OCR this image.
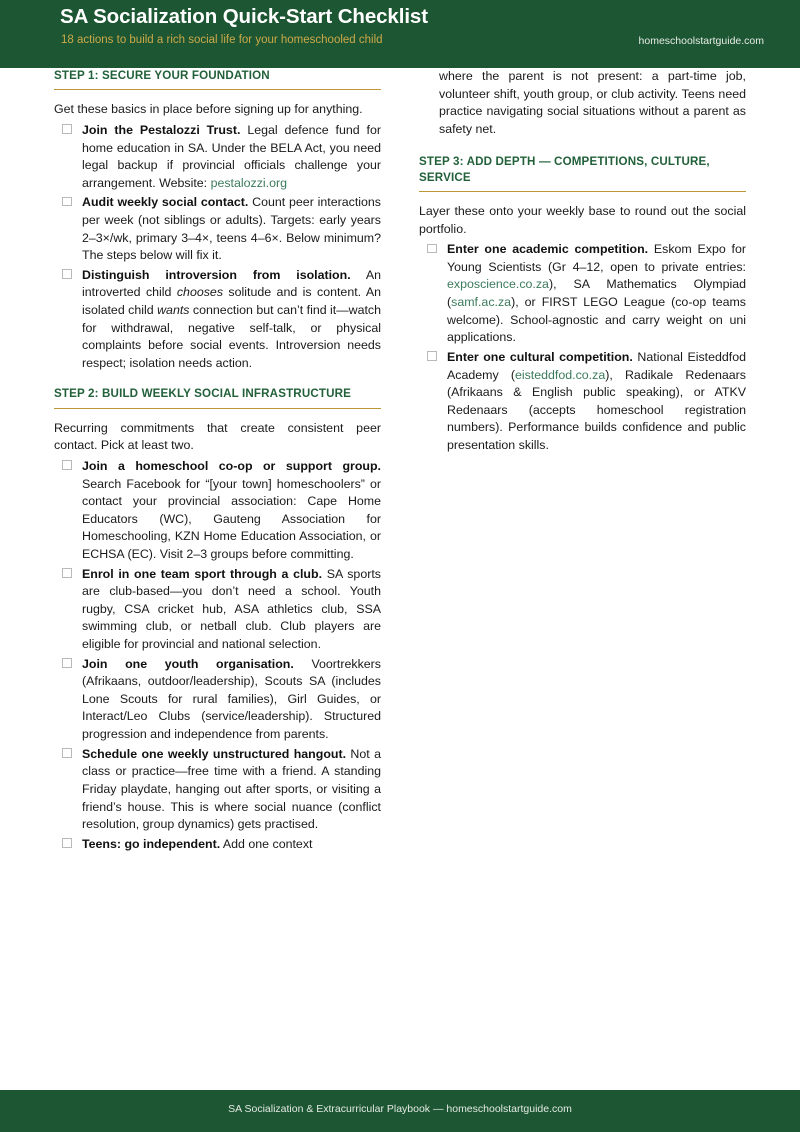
SA Socialization Quick-Start Checklist
18 actions to build a rich social life for your homeschooled child	homeschoolstartguide.com
STEP 1: SECURE YOUR FOUNDATION

Get these basics in place before signing up for anything.

Join the Pestalozzi Trust. Legal defence fund for home education in SA. Under the BELA Act, you need legal backup if provincial officials challenge your arrangement. Website: pestalozzi.org
Audit weekly social contact. Count peer interactions per week (not siblings or adults). Targets: early years 2–3×/wk, primary 3–4×, teens 4–6×. Below minimum? The steps below will fix it.
Distinguish introversion from isolation. An introverted child chooses solitude and is content. An isolated child wants connection but can’t find it—watch for withdrawal, negative self-talk, or physical complaints before social events. Introversion needs respect; isolation needs action.
STEP 2: BUILD WEEKLY SOCIAL INFRASTRUCTURE

Recurring commitments that create consistent peer contact. Pick at least two.

Join a homeschool co-op or support group. Search Facebook for “[your town] homeschoolers” or contact your provincial association: Cape Home Educators (WC), Gauteng Association for Homeschooling, KZN Home Education Association, or ECHSA (EC). Visit 2–3 groups before committing.
Enrol in one team sport through a club. SA sports are club-based—you don’t need a school. Youth rugby, CSA cricket hub, ASA athletics club, SSA swimming club, or netball club. Club players are eligible for provincial and national selection.
Join one youth organisation. Voortrekkers (Afrikaans, outdoor/leadership), Scouts SA (includes Lone Scouts for rural families), Girl Guides, or Interact/Leo Clubs (service/leadership). Structured progression and independence from parents.
Schedule one weekly unstructured hangout. Not a class or practice—free time with a friend. A standing Friday playdate, hanging out after sports, or visiting a friend’s house. This is where social nuance (conflict resolution, group dynamics) gets practised.
Teens: go independent. Add one context

where the parent is not present: a part-time job, volunteer shift, youth group, or club activity. Teens need practice navigating social situations without a parent as safety net.

STEP 3: ADD DEPTH — COMPETITIONS, CULTURE, SERVICE

Layer these onto your weekly base to round out the social portfolio.

Enter one academic competition. Eskom Expo for Young Scientists (Gr 4–12, open to private entries: exposcience.co.za), SA Mathematics Olympiad (samf.ac.za), or FIRST LEGO League (co-op teams welcome). School-agnostic and carry weight on uni applications.
Enter one cultural competition. National Eisteddfod Academy (eisteddfod.co.za), Radikale Redenaars (Afrikaans & English public speaking), or ATKV Redenaars (accepts homeschool registration numbers). Performance builds confidence and public presentation skills.
SA Socialization & Extracurricular Playbook — homeschoolstartguide.com
